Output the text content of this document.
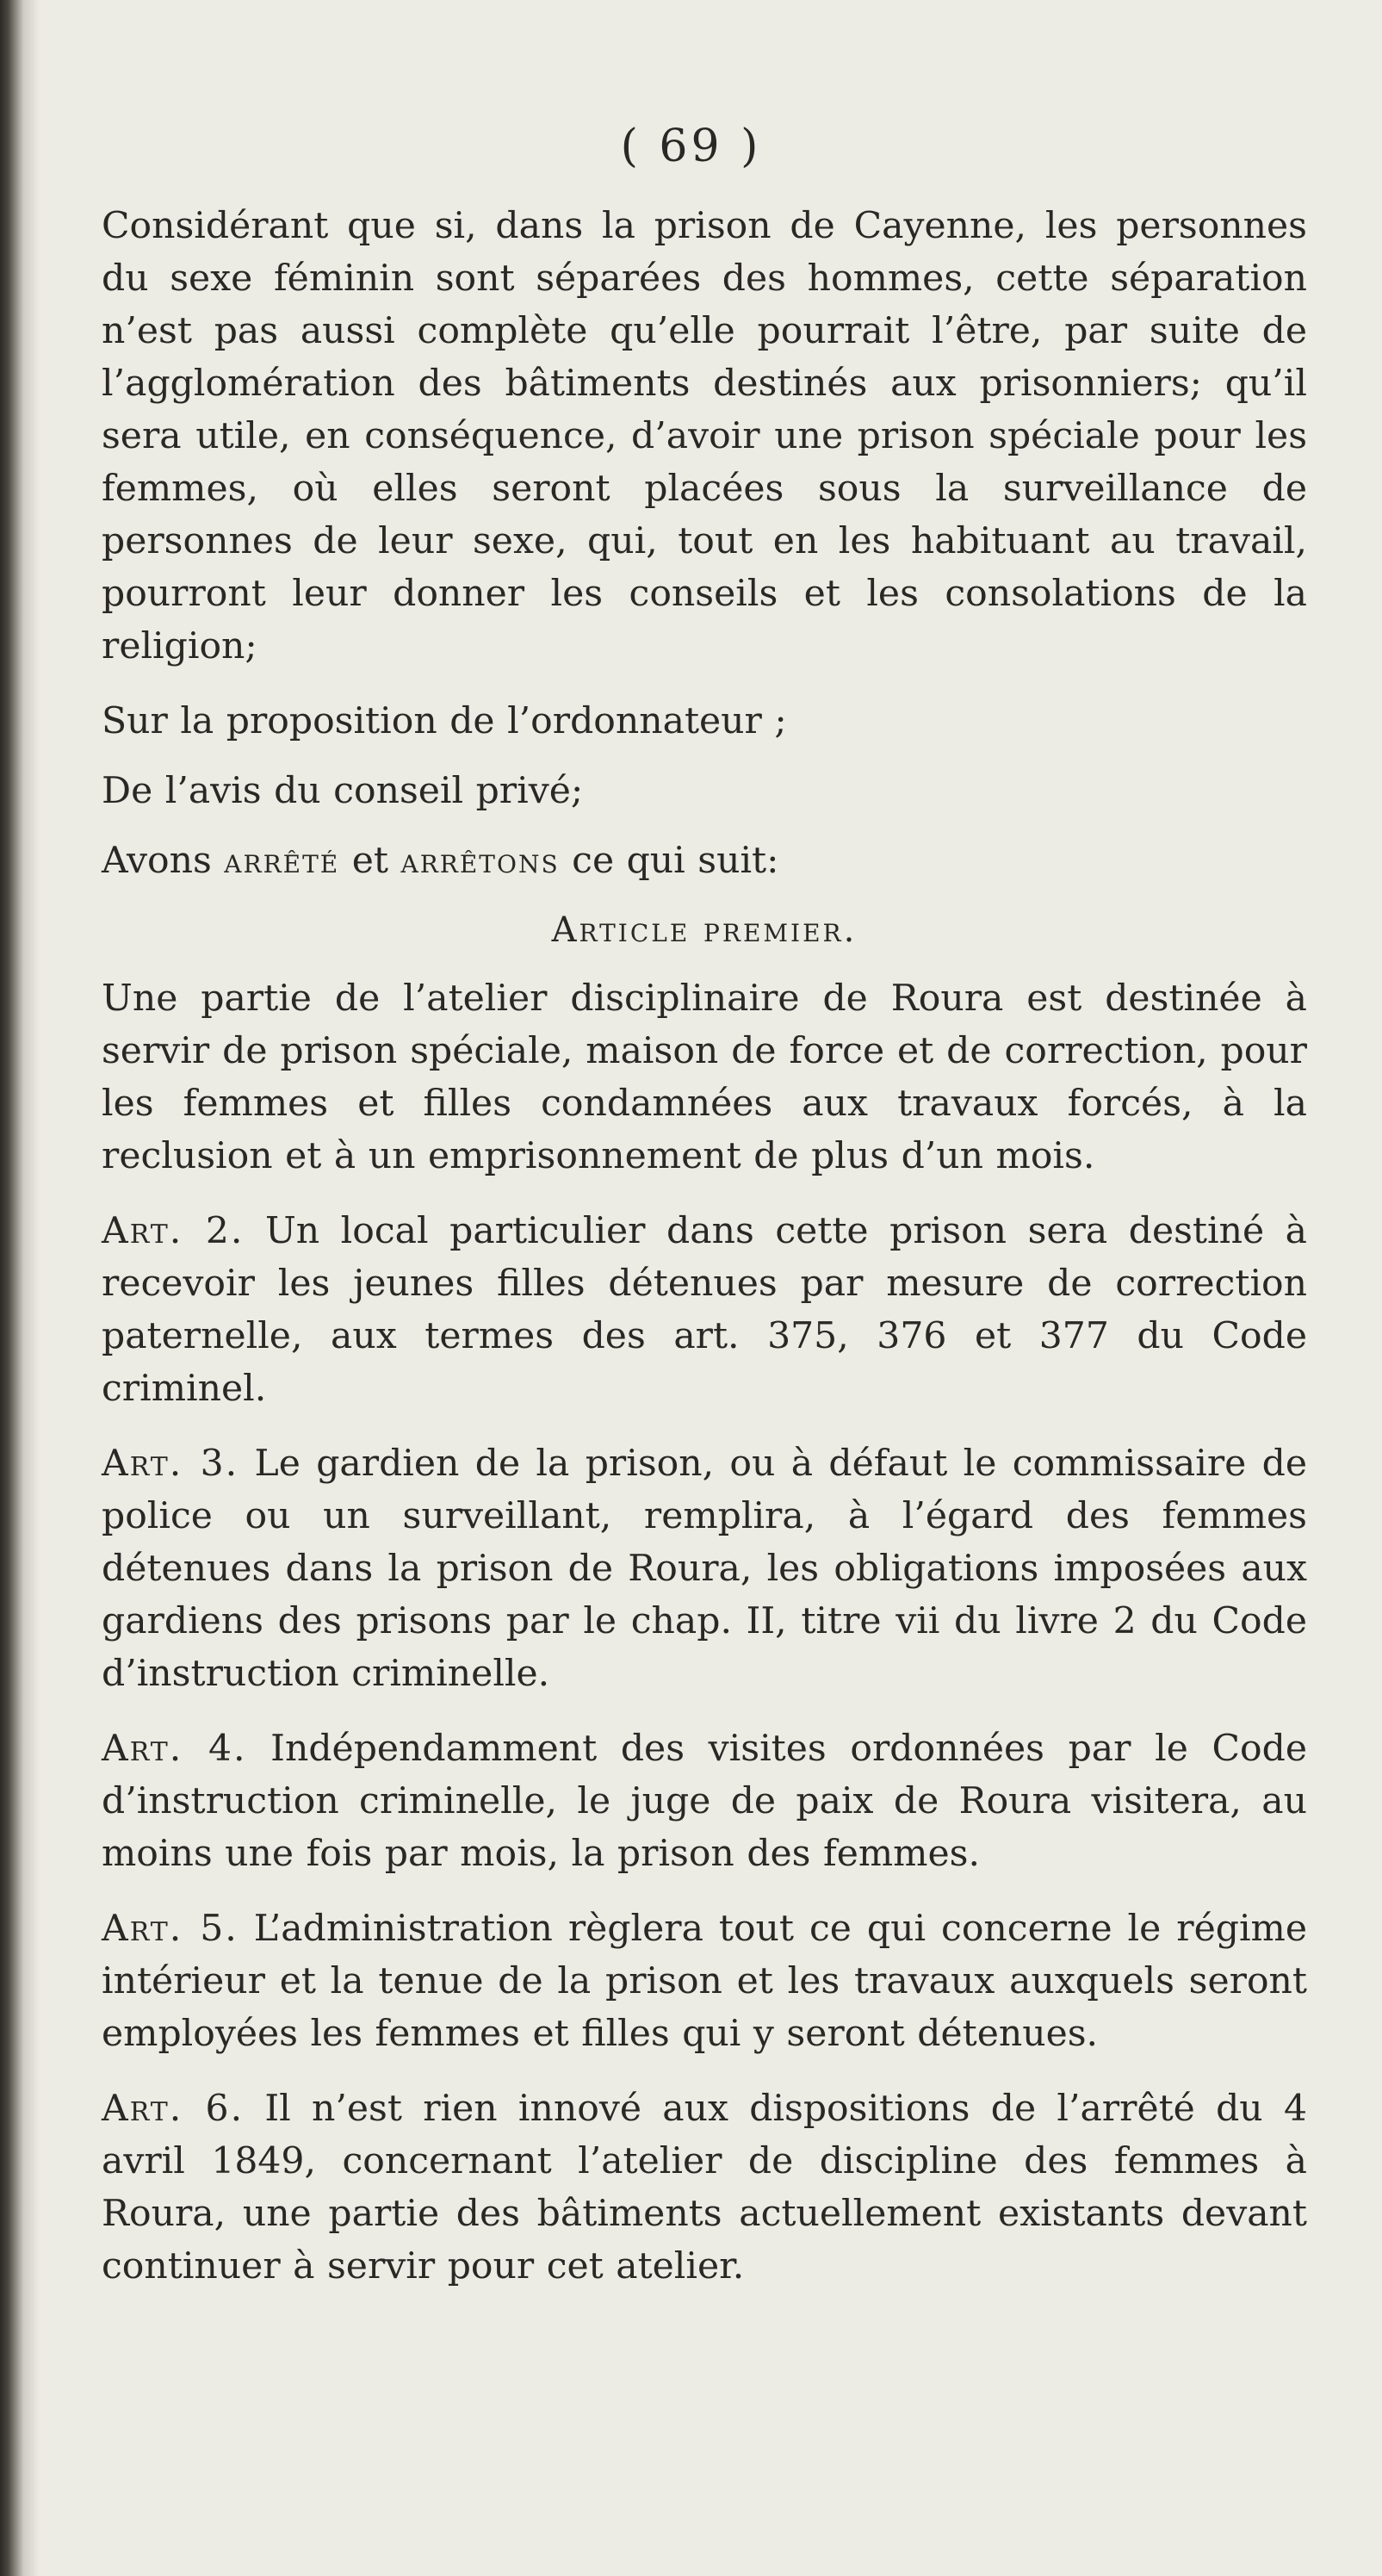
( 69 )

Considérant que si, dans la prison de Cayenne, les personnes du sexe féminin sont séparées des hommes, cette séparation n’est pas aussi complète qu’elle pourrait l’être, par suite de l’agglomération des bâtiments destinés aux prisonniers; qu’il sera utile, en conséquence, d’avoir une prison spéciale pour les femmes, où elles seront placées sous la surveillance de personnes de leur sexe, qui, tout en les habituant au travail, pourront leur donner les conseils et les consolations de la religion;

Sur la proposition de l’ordonnateur ;

De l’avis du conseil privé;

Avons arrêté et arrêtons ce qui suit:

Article premier.

Une partie de l’atelier disciplinaire de Roura est destinée à servir de prison spéciale, maison de force et de correction, pour les femmes et filles condamnées aux travaux forcés, à la reclusion et à un emprisonnement de plus d’un mois.

Art. 2. Un local particulier dans cette prison sera destiné à recevoir les jeunes filles détenues par mesure de correction paternelle, aux termes des art. 375, 376 et 377 du Code criminel.

Art. 3. Le gardien de la prison, ou à défaut le commissaire de police ou un surveillant, remplira, à l’égard des femmes détenues dans la prison de Roura, les obligations imposées aux gardiens des prisons par le chap. II, titre vii du livre 2 du Code d’instruction criminelle.

Art. 4. Indépendamment des visites ordonnées par le Code d’instruction criminelle, le juge de paix de Roura visitera, au moins une fois par mois, la prison des femmes.

Art. 5. L’administration règlera tout ce qui concerne le régime intérieur et la tenue de la prison et les travaux auxquels seront employées les femmes et filles qui y seront détenues.

Art. 6. Il n’est rien innové aux dispositions de l’arrêté du 4 avril 1849, concernant l’atelier de discipline des femmes à Roura, une partie des bâtiments actuellement existants devant continuer à servir pour cet atelier.
